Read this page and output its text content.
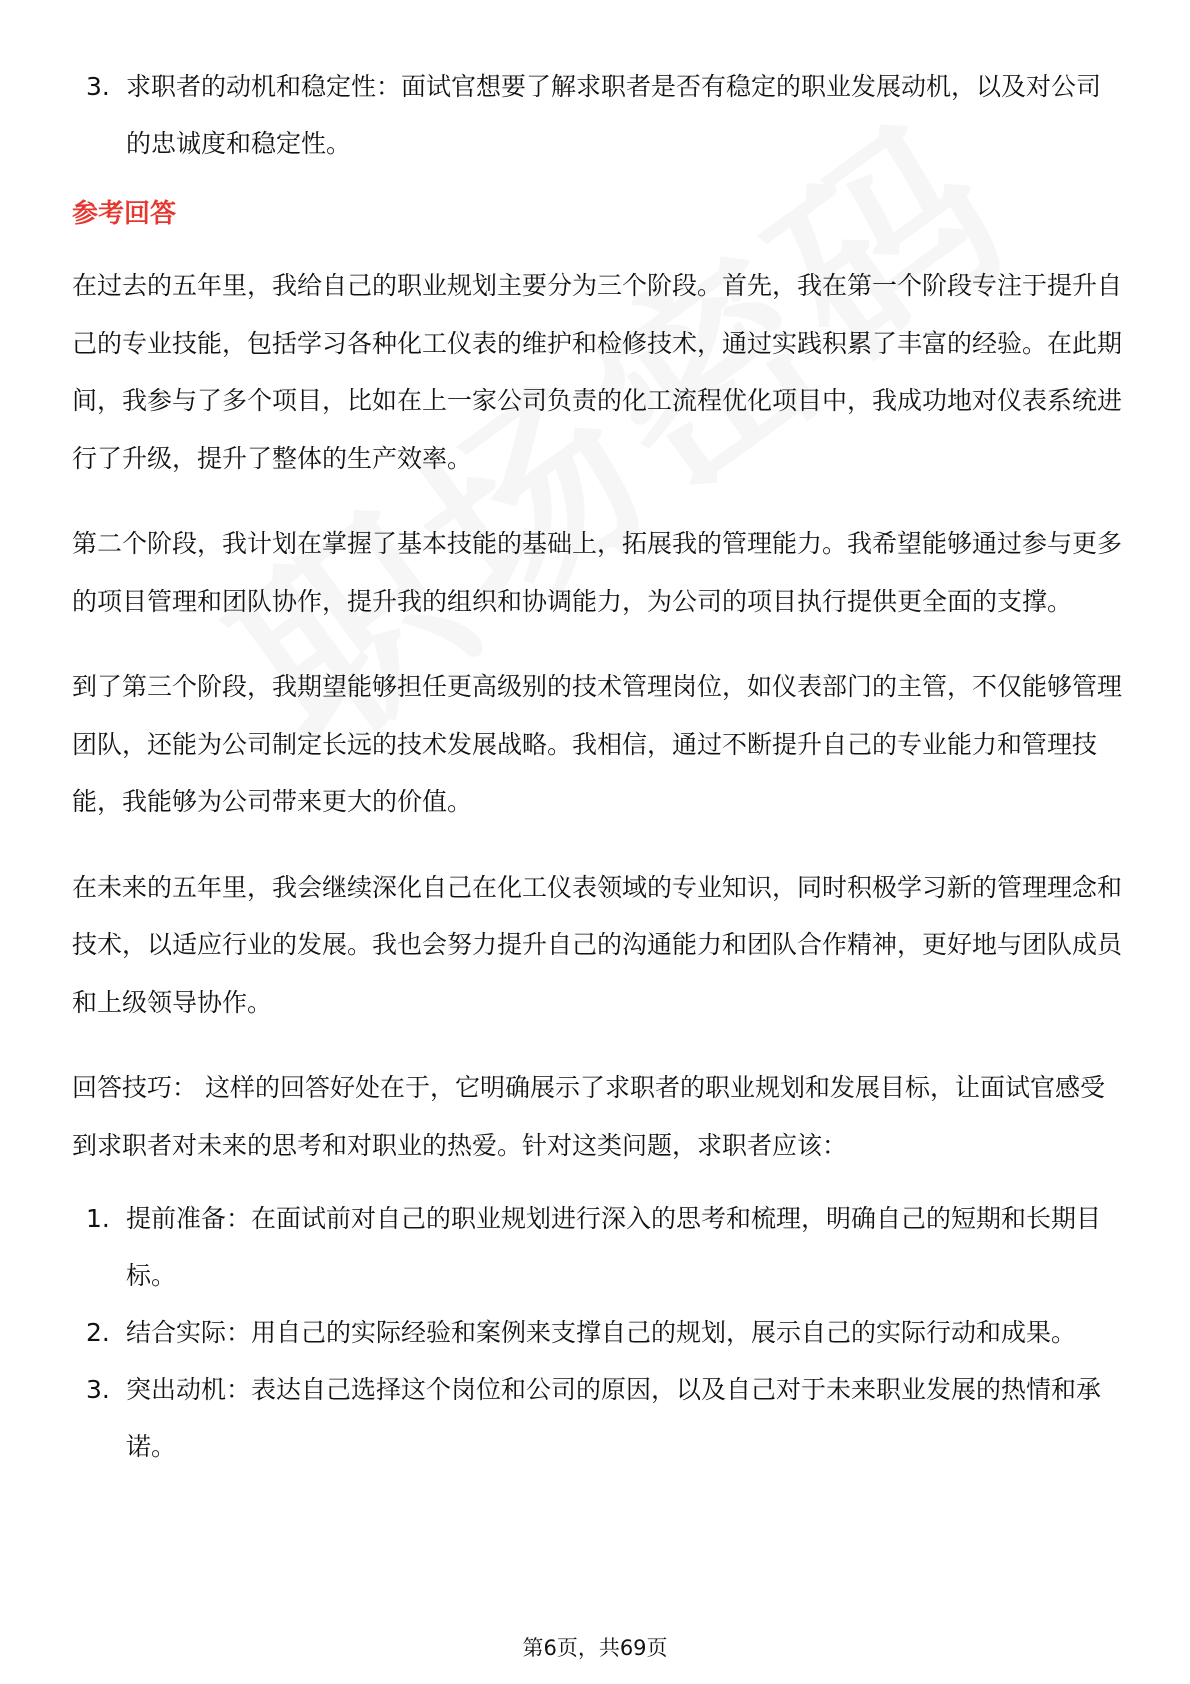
3. 求职者的动机和稳定性：面试官想要了解求职者是否有稳定的职业发展动机，以及对公司的忠诚度和稳定性。
参考回答

在过去的五年里，我给自己的职业规划主要分为三个阶段。首先，我在第一个阶段专注于提升自己的专业技能，包括学习各种化工仪表的维护和检修技术，通过实践积累了丰富的经验。在此期间，我参与了多个项目，比如在上一家公司负责的化工流程优化项目中，我成功地对仪表系统进行了升级，提升了整体的生产效率。

第二个阶段，我计划在掌握了基本技能的基础上，拓展我的管理能力。我希望能够通过参与更多的项目管理和团队协作，提升我的组织和协调能力，为公司的项目执行提供更全面的支撑。

到了第三个阶段，我期望能够担任更高级别的技术管理岗位，如仪表部门的主管，不仅能够管理团队，还能为公司制定长远的技术发展战略。我相信，通过不断提升自己的专业能力和管理技能，我能够为公司带来更大的价值。

在未来的五年里，我会继续深化自己在化工仪表领域的专业知识，同时积极学习新的管理理念和技术，以适应行业的发展。我也会努力提升自己的沟通能力和团队合作精神，更好地与团队成员和上级领导协作。

回答技巧： 这样的回答好处在于，它明确展示了求职者的职业规划和发展目标，让面试官感受到求职者对未来的思考和对职业的热爱。针对这类问题，求职者应该：

1. 提前准备：在面试前对自己的职业规划进行深入的思考和梳理，明确自己的短期和长期目标。
2. 结合实际：用自己的实际经验和案例来支撑自己的规划，展示自己的实际行动和成果。
3. 突出动机：表达自己选择这个岗位和公司的原因，以及自己对于未来职业发展的热情和承诺。
第6页，共69页
